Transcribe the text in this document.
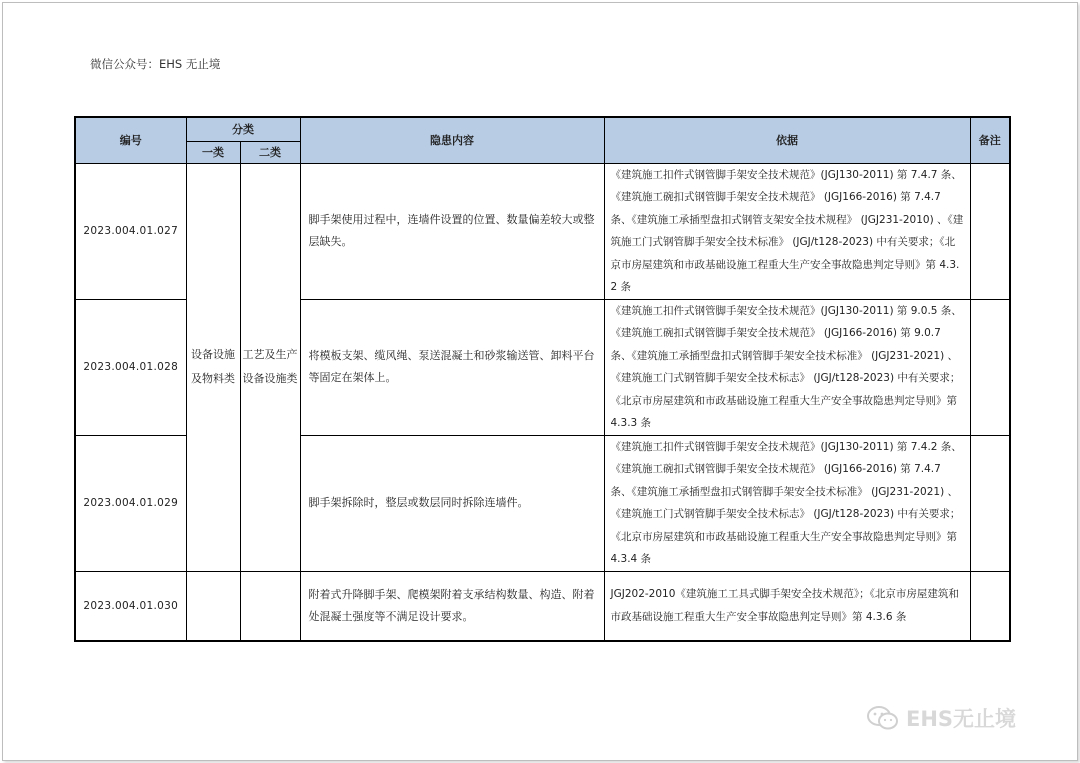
微信公众号：EHS 无止境
编号	分类		隐患内容	依据	备注
	一类	二类			
2023.004.01.027	设备设施及物料类	工艺及生产设备设施类	脚手架使用过程中，连墙件设置的位置、数量偏差较大或整层缺失。	《建筑施工扣件式钢管脚手架安全技术规范》(JGJ130-2011) 第 7.4.7 条、《建筑施工碗扣式钢管脚手架安全技术规范》 (JGJ166-2016) 第 7.4.7 条、《建筑施工承插型盘扣式钢管支架安全技术规程》 (JGJ231-2010) 、《建筑施工门式钢管脚手架安全技术标准》 (JGJ/t128-2023) 中有关要求；《北京市房屋建筑和市政基础设施工程重大生产安全事故隐患判定导则》第 4.3.2 条	
2023.004.01.028			将模板支架、缆风绳、泵送混凝土和砂浆输送管、卸料平台等固定在架体上。	《建筑施工扣件式钢管脚手架安全技术规范》(JGJ130-2011) 第 9.0.5 条、《建筑施工碗扣式钢管脚手架安全技术规范》 (JGJ166-2016) 第 9.0.7 条、《建筑施工承插型盘扣式钢管脚手架安全技术标准》 (JGJ231-2021) 、《建筑施工门式钢管脚手架安全技术标志》 (JGJ/t128-2023) 中有关要求；《北京市房屋建筑和市政基础设施工程重大生产安全事故隐患判定导则》第 4.3.3 条	
2023.004.01.029			脚手架拆除时，整层或数层同时拆除连墙件。	《建筑施工扣件式钢管脚手架安全技术规范》(JGJ130-2011) 第 7.4.2 条、《建筑施工碗扣式钢管脚手架安全技术规范》 (JGJ166-2016) 第 7.4.7 条、《建筑施工承插型盘扣式钢管脚手架安全技术标准》 (JGJ231-2021) 、《建筑施工门式钢管脚手架安全技术标志》 (JGJ/t128-2023) 中有关要求；《北京市房屋建筑和市政基础设施工程重大生产安全事故隐患判定导则》第 4.3.4 条	
2023.004.01.030			附着式升降脚手架、爬模架附着支承结构数量、构造、附着处混凝土强度等不满足设计要求。	JGJ202-2010《建筑施工工具式脚手架安全技术规范》；《北京市房屋建筑和市政基础设施工程重大生产安全事故隐患判定导则》第 4.3.6 条	
EHS无止境
